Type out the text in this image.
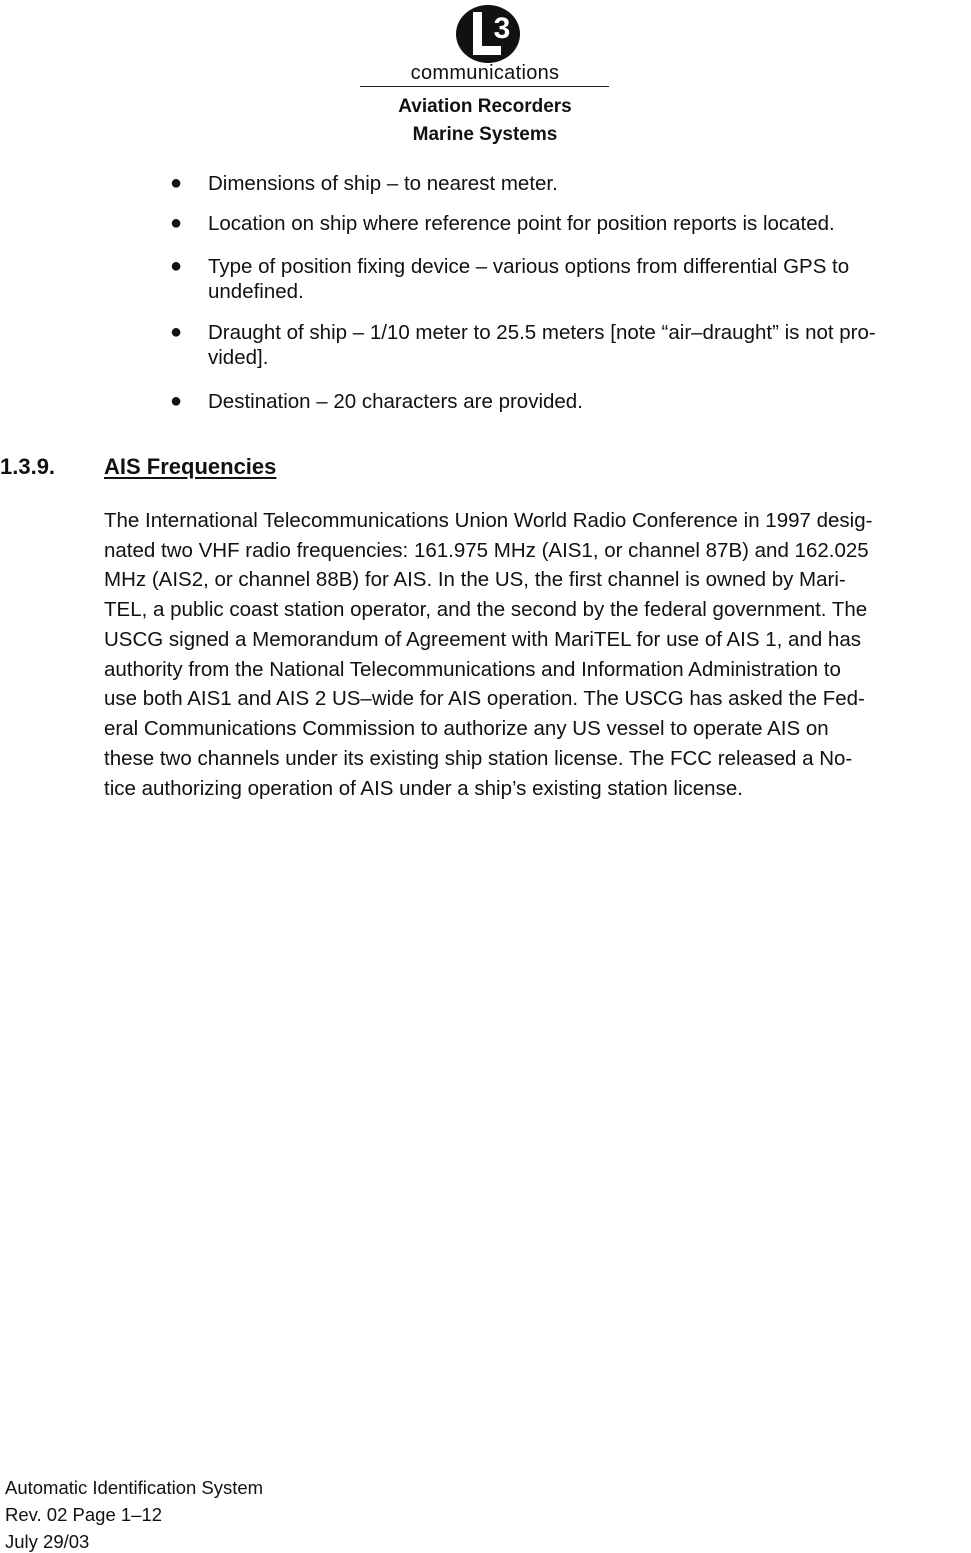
3
communications
Aviation Recorders
Marine Systems
● Dimensions of ship – to nearest meter.
● Location on ship where reference point for position reports is located.
● Type of position fixing device – various options from differential GPS to
undefined.
● Draught of ship – 1/10 meter to 25.5 meters [note “air–draught” is not pro-
vided].
● Destination – 20 characters are provided.
1.3.9. AIS Frequencies
The International Telecommunications Union World Radio Conference in 1997 desig-
nated two VHF radio frequencies: 161.975 MHz (AIS1, or channel 87B) and 162.025
MHz (AIS2, or channel 88B) for AIS. In the US, the first channel is owned by Mari-
TEL, a public coast station operator, and the second by the federal government. The
USCG signed a Memorandum of Agreement with MariTEL for use of AIS 1, and has
authority from the National Telecommunications and Information Administration to
use both AIS1 and AIS 2 US–wide for AIS operation. The USCG has asked the Fed-
eral Communications Commission to authorize any US vessel to operate AIS on
these two channels under its existing ship station license. The FCC released a No-
tice authorizing operation of AIS under a ship’s existing station license.
Automatic Identification System
Rev. 02 Page 1–12
July 29/03
